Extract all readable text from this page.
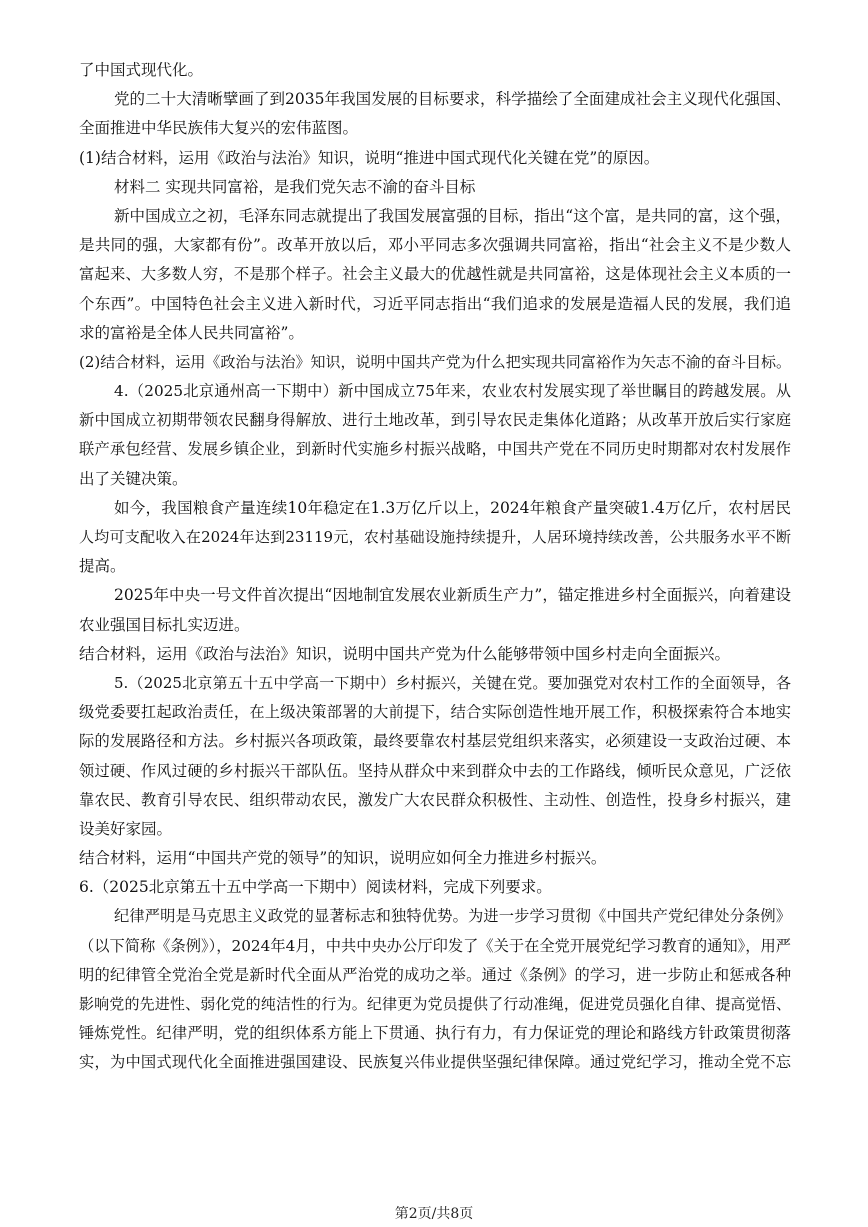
了中国式现代化。
党的二十大清晰擘画了到2035年我国发展的目标要求，科学描绘了全面建成社会主义现代化强国、
全面推进中华民族伟大复兴的宏伟蓝图。
(1)结合材料，运用《政治与法治》知识，说明“推进中国式现代化关键在党”的原因。
材料二 实现共同富裕，是我们党矢志不渝的奋斗目标
新中国成立之初，毛泽东同志就提出了我国发展富强的目标，指出“这个富，是共同的富，这个强，
是共同的强，大家都有份”。改革开放以后，邓小平同志多次强调共同富裕，指出“社会主义不是少数人
富起来、大多数人穷，不是那个样子。社会主义最大的优越性就是共同富裕，这是体现社会主义本质的一
个东西”。中国特色社会主义进入新时代，习近平同志指出“我们追求的发展是造福人民的发展，我们追
求的富裕是全体人民共同富裕”。
(2)结合材料，运用《政治与法治》知识，说明中国共产党为什么把实现共同富裕作为矢志不渝的奋斗目标。
4.（2025北京通州高一下期中）新中国成立75年来，农业农村发展实现了举世瞩目的跨越发展。从
新中国成立初期带领农民翻身得解放、进行土地改革，到引导农民走集体化道路；从改革开放后实行家庭
联产承包经营、发展乡镇企业，到新时代实施乡村振兴战略，中国共产党在不同历史时期都对农村发展作
出了关键决策。
如今，我国粮食产量连续10年稳定在1.3万亿斤以上，2024年粮食产量突破1.4万亿斤，农村居民
人均可支配收入在2024年达到23119元，农村基础设施持续提升，人居环境持续改善，公共服务水平不断
提高。
2025年中央一号文件首次提出“因地制宜发展农业新质生产力”，锚定推进乡村全面振兴，向着建设
农业强国目标扎实迈进。
结合材料，运用《政治与法治》知识，说明中国共产党为什么能够带领中国乡村走向全面振兴。
5.（2025北京第五十五中学高一下期中）乡村振兴，关键在党。要加强党对农村工作的全面领导，各
级党委要扛起政治责任，在上级决策部署的大前提下，结合实际创造性地开展工作，积极探索符合本地实
际的发展路径和方法。乡村振兴各项政策，最终要靠农村基层党组织来落实，必须建设一支政治过硬、本
领过硬、作风过硬的乡村振兴干部队伍。坚持从群众中来到群众中去的工作路线，倾听民众意见，广泛依
靠农民、教育引导农民、组织带动农民，激发广大农民群众积极性、主动性、创造性，投身乡村振兴，建
设美好家园。
结合材料，运用“中国共产党的领导”的知识，说明应如何全力推进乡村振兴。
6.（2025北京第五十五中学高一下期中）阅读材料，完成下列要求。
纪律严明是马克思主义政党的显著标志和独特优势。为进一步学习贯彻《中国共产党纪律处分条例》
（以下简称《条例》），2024年4月，中共中央办公厅印发了《关于在全党开展党纪学习教育的通知》，用严
明的纪律管全党治全党是新时代全面从严治党的成功之举。通过《条例》的学习，进一步防止和惩戒各种
影响党的先进性、弱化党的纯洁性的行为。纪律更为党员提供了行动准绳，促进党员强化自律、提高觉悟、
锤炼党性。纪律严明，党的组织体系方能上下贯通、执行有力，有力保证党的理论和路线方针政策贯彻落
实，为中国式现代化全面推进强国建设、民族复兴伟业提供坚强纪律保障。通过党纪学习，推动全党不忘
第2页/共8页
